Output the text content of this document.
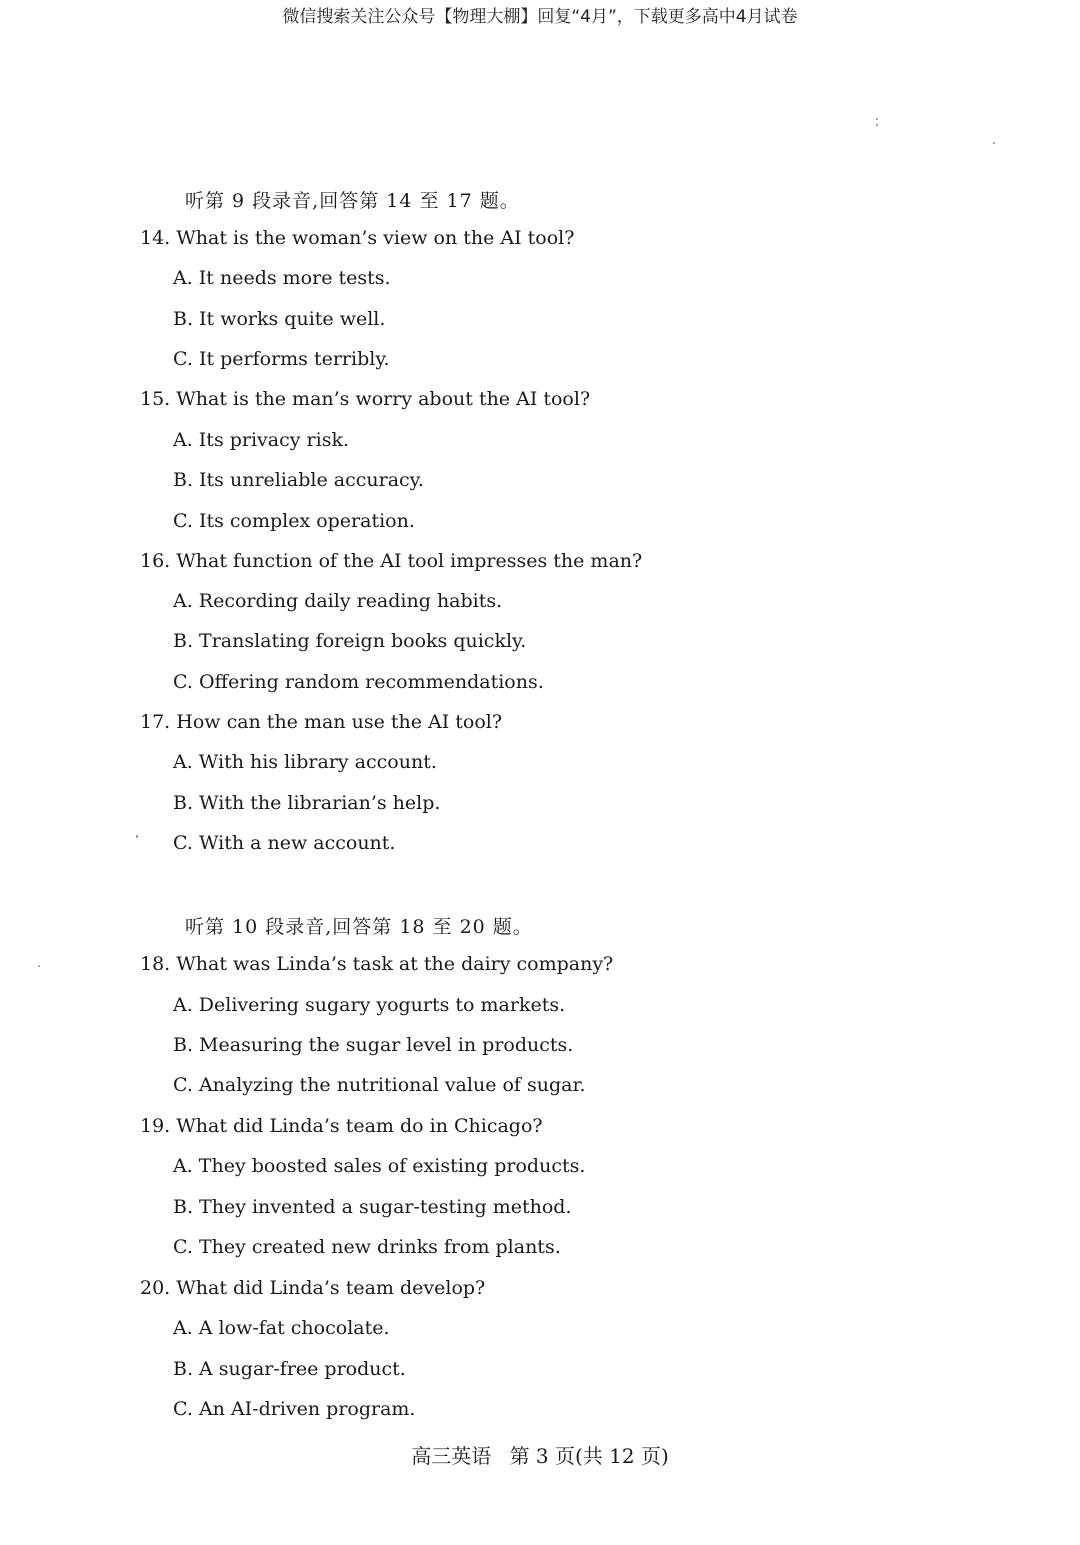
微信搜索关注公众号【物理大棚】回复“4月”，下载更多高中4月试卷
听第 9 段录音,回答第 14 至 17 题。
14. What is the woman’s view on the AI tool?
A. It needs more tests.
B. It works quite well.
C. It performs terribly.
15. What is the man’s worry about the AI tool?
A. Its privacy risk.
B. Its unreliable accuracy.
C. Its complex operation.
16. What function of the AI tool impresses the man?
A. Recording daily reading habits.
B. Translating foreign books quickly.
C. Offering random recommendations.
17. How can the man use the AI tool?
A. With his library account.
B. With the librarian’s help.
C. With a new account.
听第 10 段录音,回答第 18 至 20 题。
18. What was Linda’s task at the dairy company?
A. Delivering sugary yogurts to markets.
B. Measuring the sugar level in products.
C. Analyzing the nutritional value of sugar.
19. What did Linda’s team do in Chicago?
A. They boosted sales of existing products.
B. They invented a sugar-testing method.
C. They created new drinks from plants.
20. What did Linda’s team develop?
A. A low-fat chocolate.
B. A sugar-free product.
C. An AI-driven program.
高三英语 第 3 页(共 12 页)
